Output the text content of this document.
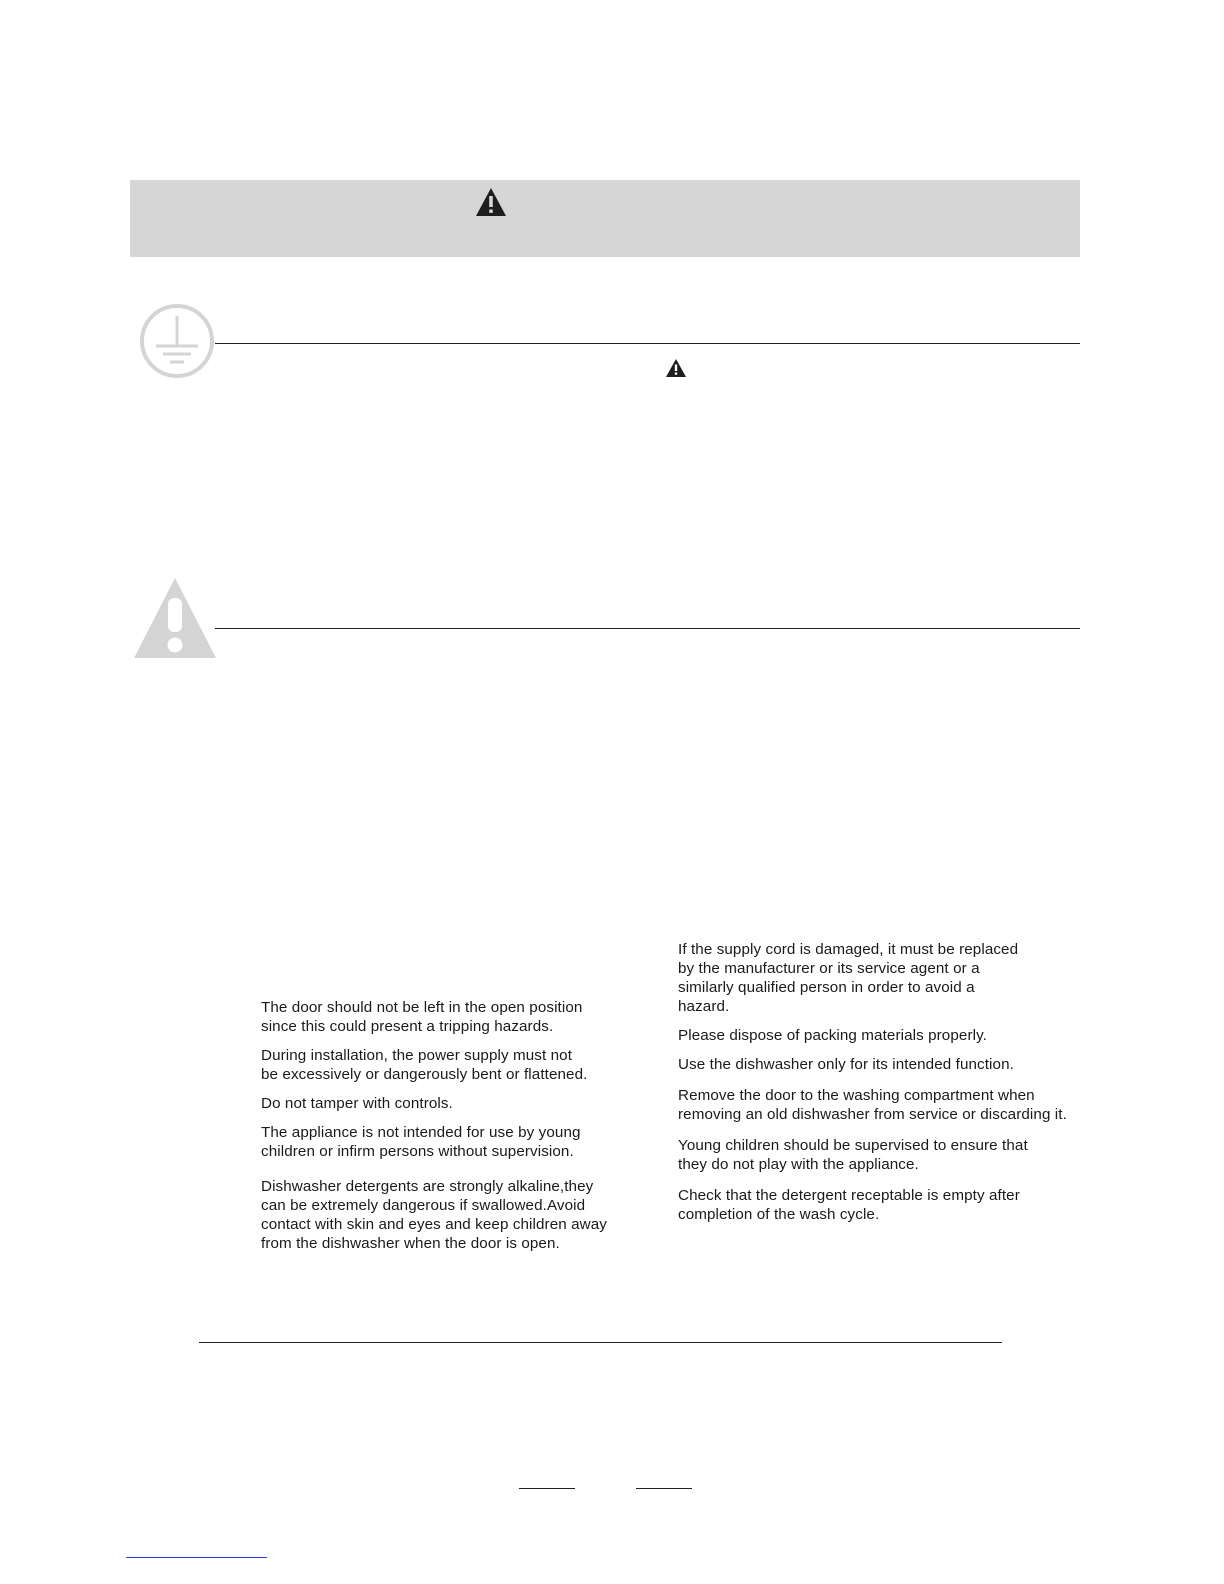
The door should not be left in the open position
since this could present a tripping hazards.

During installation, the power supply must not
be excessively or dangerously bent or flattened.

Do not tamper with controls.

The appliance is not intended for use by young
children or infirm persons without supervision.

Dishwasher detergents are strongly alkaline,they
can be extremely dangerous if swallowed.Avoid
contact with skin and eyes and keep children away
from the dishwasher when the door is open.

If the supply cord is damaged, it must be replaced
by the manufacturer or its service agent or a
similarly qualified person in order to avoid a
hazard.

Please dispose of packing materials properly.

Use the dishwasher only for its intended function.

Remove the door to the washing compartment when
removing an old dishwasher from service or discarding it.

Young children should be supervised to ensure that
they do not play with the appliance.

Check that the detergent receptable is empty after
completion of the wash cycle.
